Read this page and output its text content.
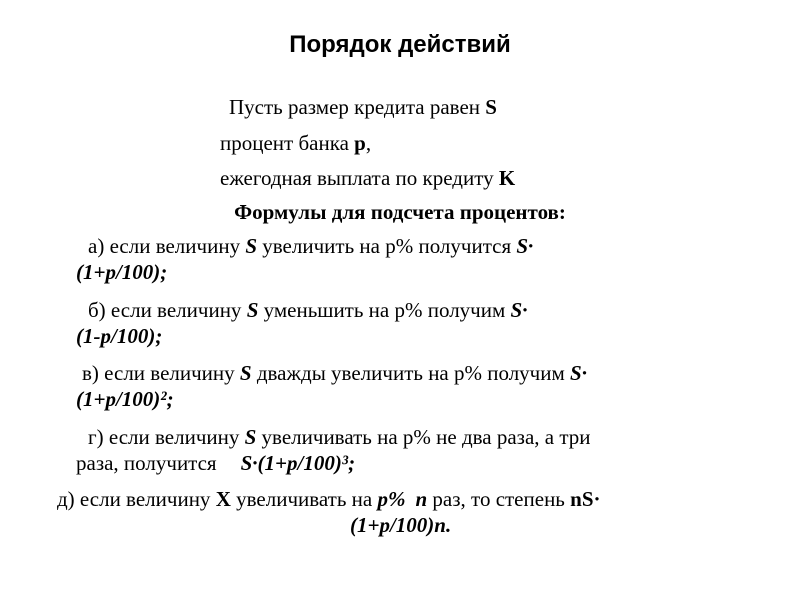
Порядок действий
Пусть размер кредита равен S
процент банка p,
ежегодная выплата по кредиту K
Формулы для подсчета процентов:
а) если величину S увеличить на р% получится S·
(1+p/100);
б) если величину S уменьшить на р% получим S·
(1-p/100);
в) если величину S дважды увеличить на р% получим S·
(1+p/100)²;
г) если величину S увеличивать на р% не два раза, а три
раза, получится S·(1+p/100)³;
д) если величину X увеличивать на p% n раз, то степень nS·
(1+p/100)n.
